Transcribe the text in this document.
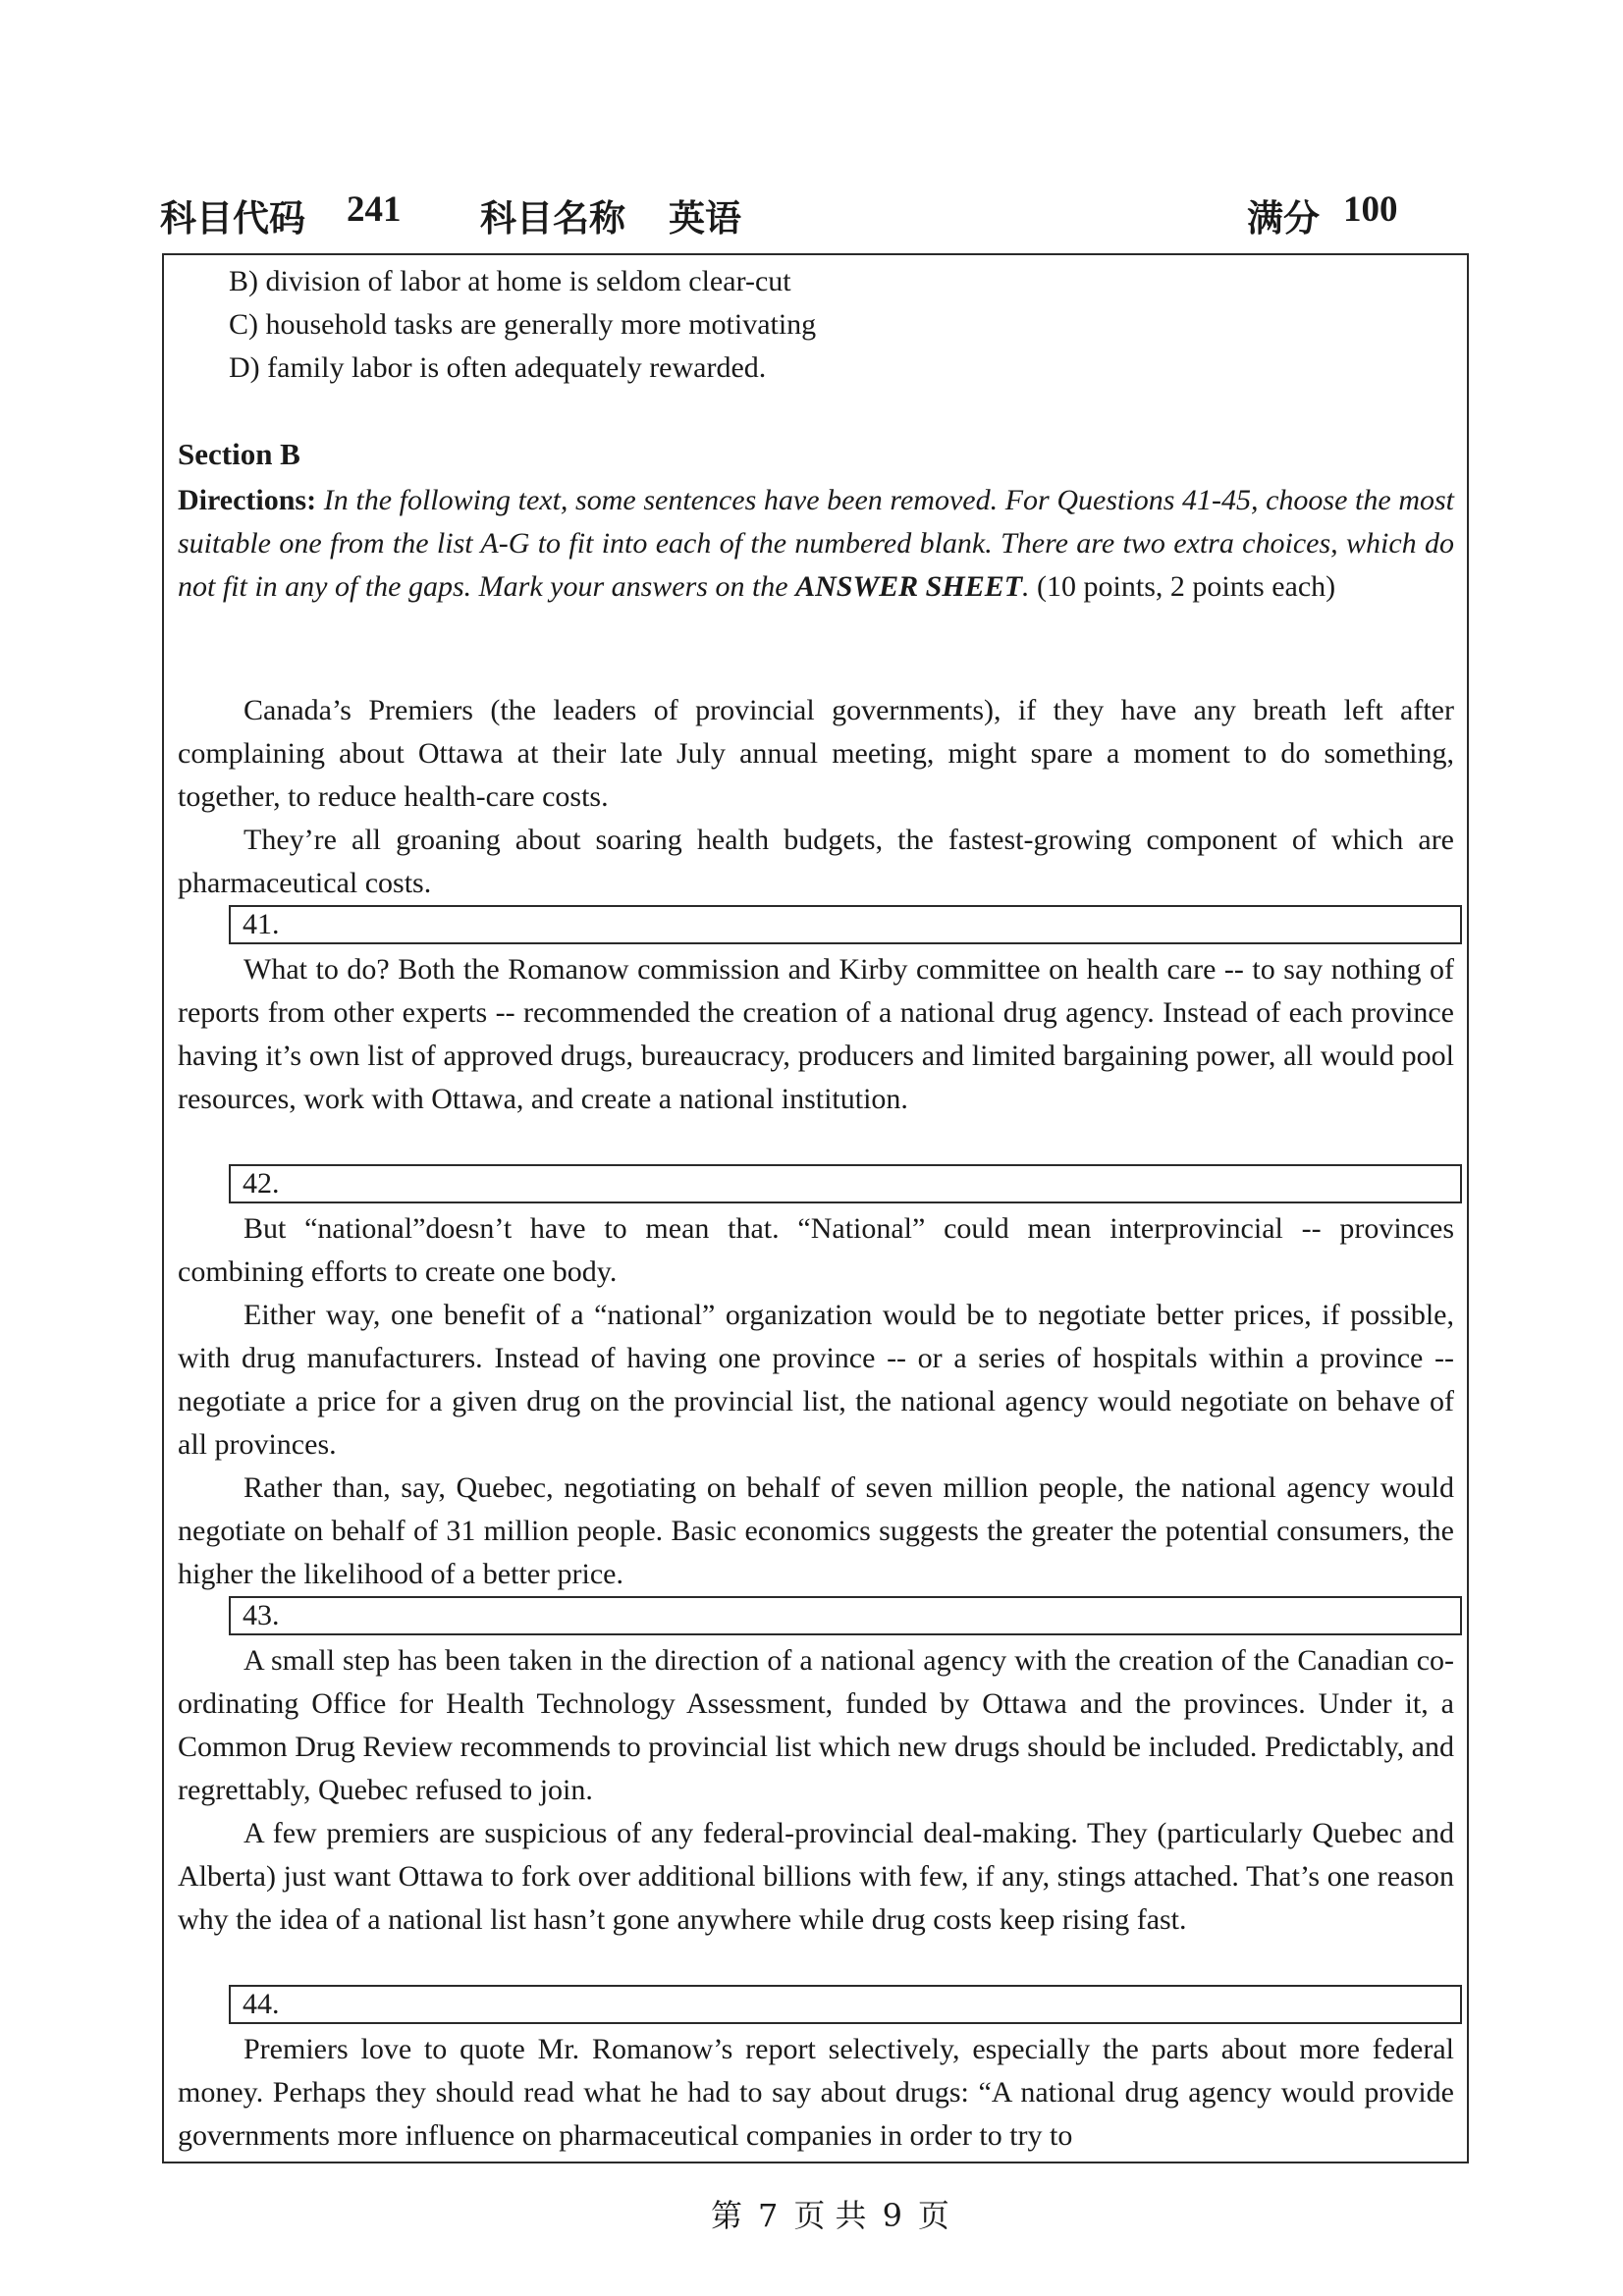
科目代码 241 科目名称 英语	满分 100
B) division of labor at home is seldom clear-cut
C) household tasks are generally more motivating
D) family labor is often adequately rewarded.
Section B
Directions: In the following text, some sentences have been removed. For Questions 41-45, choose the most suitable one from the list A-G to fit into each of the numbered blank. There are two extra choices, which do not fit in any of the gaps. Mark your answers on the ANSWER SHEET. (10 points, 2 points each)

Canada’s Premiers (the leaders of provincial governments), if they have any breath left after complaining about Ottawa at their late July annual meeting, might spare a moment to do something, together, to reduce health-care costs.

They’re all groaning about soaring health budgets, the fastest-growing component of which are pharmaceutical costs.

41.

What to do? Both the Romanow commission and Kirby committee on health care -- to say nothing of reports from other experts -- recommended the creation of a national drug agency. Instead of each province having it’s own list of approved drugs, bureaucracy, producers and limited bargaining power, all would pool resources, work with Ottawa, and create a national institution.

42.

But “national”doesn’t have to mean that. “National” could mean interprovincial -- provinces combining efforts to create one body.

Either way, one benefit of a “national” organization would be to negotiate better prices, if possible, with drug manufacturers. Instead of having one province -- or a series of hospitals within a province -- negotiate a price for a given drug on the provincial list, the national agency would negotiate on behave of all provinces.

Rather than, say, Quebec, negotiating on behalf of seven million people, the national agency would negotiate on behalf of 31 million people. Basic economics suggests the greater the potential consumers, the higher the likelihood of a better price.

43.

A small step has been taken in the direction of a national agency with the creation of the Canadian co-ordinating Office for Health Technology Assessment, funded by Ottawa and the provinces. Under it, a Common Drug Review recommends to provincial list which new drugs should be included. Predictably, and regrettably, Quebec refused to join.

A few premiers are suspicious of any federal-provincial deal-making. They (particularly Quebec and Alberta) just want Ottawa to fork over additional billions with few, if any, stings attached. That’s one reason why the idea of a national list hasn’t gone anywhere while drug costs keep rising fast.

44.

Premiers love to quote Mr. Romanow’s report selectively, especially the parts about more federal money. Perhaps they should read what he had to say about drugs: “A national drug agency would provide governments more influence on pharmaceutical companies in order to try to

第 7 页 共 9 页
